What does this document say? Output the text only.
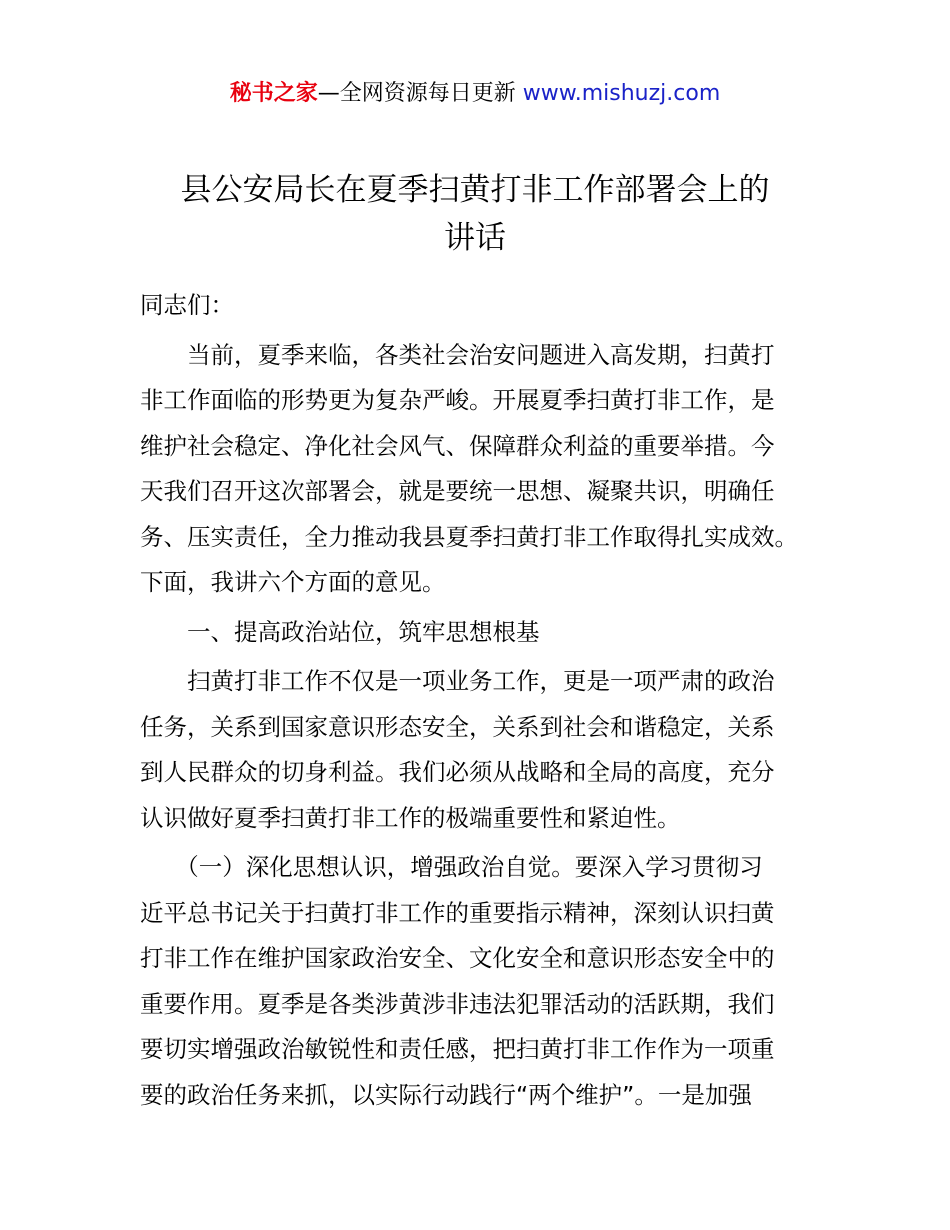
秘书之家—全网资源每日更新 www.mishuzj.com
县公安局长在夏季扫黄打非工作部署会上的
讲话
同志们：
　　当前，夏季来临，各类社会治安问题进入高发期，扫黄打
非工作面临的形势更为复杂严峻。开展夏季扫黄打非工作，是
维护社会稳定、净化社会风气、保障群众利益的重要举措。今
天我们召开这次部署会，就是要统一思想、凝聚共识，明确任
务、压实责任，全力推动我县夏季扫黄打非工作取得扎实成效。
下面，我讲六个方面的意见。
　　一、提高政治站位，筑牢思想根基
　　扫黄打非工作不仅是一项业务工作，更是一项严肃的政治
任务，关系到国家意识形态安全，关系到社会和谐稳定，关系
到人民群众的切身利益。我们必须从战略和全局的高度，充分
认识做好夏季扫黄打非工作的极端重要性和紧迫性。
　　（一）深化思想认识，增强政治自觉。要深入学习贯彻习
近平总书记关于扫黄打非工作的重要指示精神，深刻认识扫黄
打非工作在维护国家政治安全、文化安全和意识形态安全中的
重要作用。夏季是各类涉黄涉非违法犯罪活动的活跃期，我们
要切实增强政治敏锐性和责任感，把扫黄打非工作作为一项重
要的政治任务来抓，以实际行动践行“两个维护”。一是加强
